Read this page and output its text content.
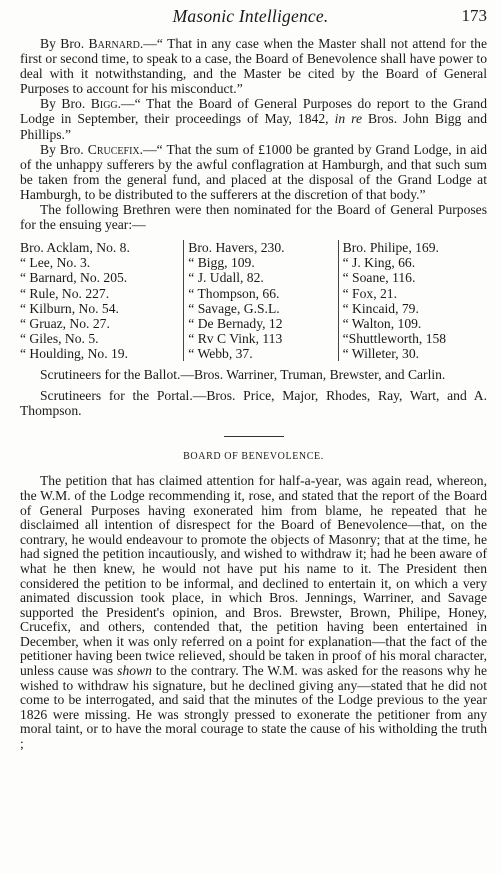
Masonic Intelligence.	173

By Bro. Barnard.—“ That in any case when the Master shall not attend for the first or second time, to speak to a case, the Board of Benevolence shall have power to deal with it notwithstanding, and the Master be cited by the Board of General Purposes to account for his misconduct.”

By Bro. Bigg.—“ That the Board of General Purposes do report to the Grand Lodge in September, their proceedings of May, 1842, in re Bros. John Bigg and Phillips.”

By Bro. Crucefix.—“ That the sum of £1000 be granted by Grand Lodge, in aid of the unhappy sufferers by the awful conflagration at Hamburgh, and that such sum be taken from the general fund, and placed at the disposal of the Grand Lodge at Hamburgh, to be distributed to the sufferers at the discretion of that body.”

The following Brethren were then nominated for the Board of General Purposes for the ensuing year:—

Bro. Acklam, No. 8.
“ Lee, No. 3.
“ Barnard, No. 205.
“ Rule, No. 227.
“ Kilburn, No. 54.
“ Gruaz, No. 27.
“ Giles, No. 5.
“ Houlding, No. 19.
Bro. Havers, 230.
“ Bigg, 109.
“ J. Udall, 82.
“ Thompson, 66.
“ Savage, G.S.L.
“ De Bernady, 12
“ Rv C Vink, 113
“ Webb, 37.
Bro. Philipe, 169.
“ J. King, 66.
“ Soane, 116.
“ Fox, 21.
“ Kincaid, 79.
“ Walton, 109.
“Shuttleworth, 158
“ Willeter, 30.

Scrutineers for the Ballot.—Bros. Warriner, Truman, Brewster, and Carlin.

Scrutineers for the Portal.—Bros. Price, Major, Rhodes, Ray, Wart, and A. Thompson.

BOARD OF BENEVOLENCE.

The petition that has claimed attention for half-a-year, was again read, whereon, the W.M. of the Lodge recommending it, rose, and stated that the report of the Board of General Purposes having exonerated him from blame, he repeated that he disclaimed all intention of disrespect for the Board of Benevolence—that, on the contrary, he would endeavour to promote the objects of Masonry; that at the time, he had signed the petition incautiously, and wished to withdraw it; had he been aware of what he then knew, he would not have put his name to it. The President then considered the petition to be informal, and declined to entertain it, on which a very animated discussion took place, in which Bros. Jennings, Warriner, and Savage supported the President's opinion, and Bros. Brewster, Brown, Philipe, Honey, Crucefix, and others, contended that, the petition having been entertained in December, when it was only referred on a point for explanation—that the fact of the petitioner having been twice relieved, should be taken in proof of his moral character, unless cause was shown to the contrary. The W.M. was asked for the reasons why he wished to withdraw his signature, but he declined giving any—stated that he did not come to be interrogated, and said that the minutes of the Lodge previous to the year 1826 were missing. He was strongly pressed to exonerate the petitioner from any moral taint, or to have the moral courage to state the cause of his witholding the truth ;
